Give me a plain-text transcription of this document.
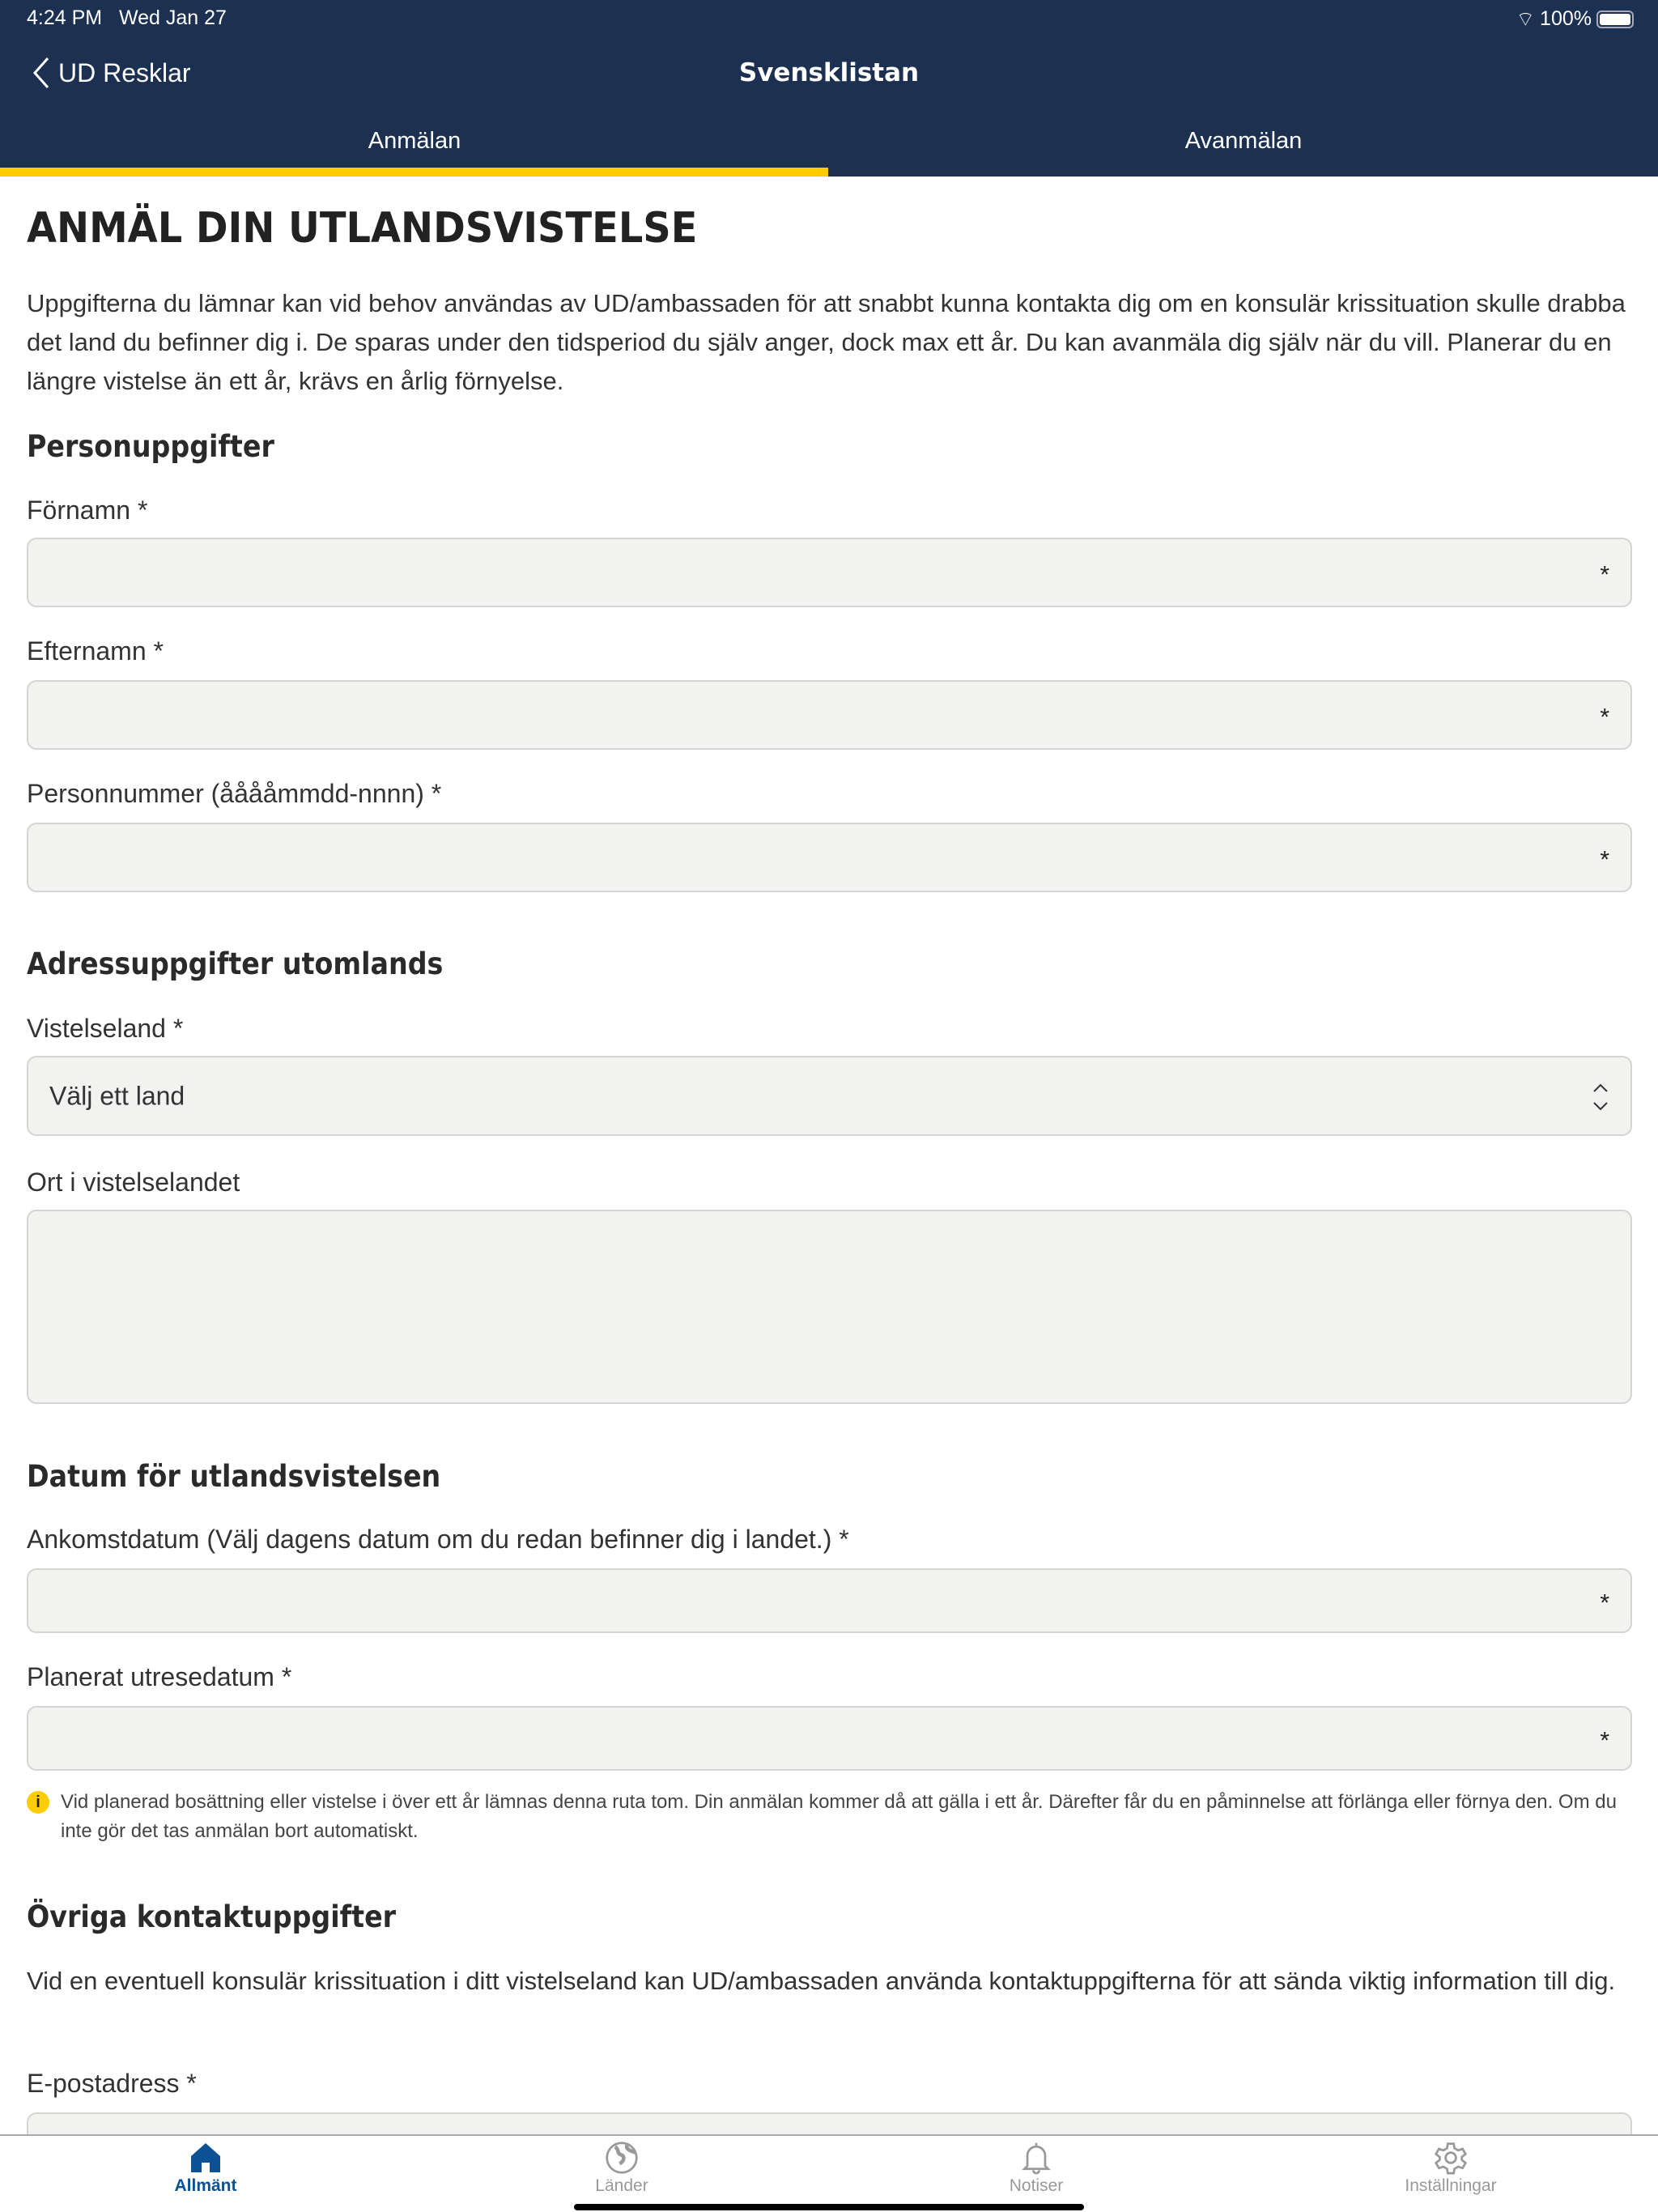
4:24 PM Wed Jan 27	⌔ 100%
UD Resklar	Svensklistan
Anmälan	Avanmälan
ANMÄL DIN UTLANDSVISTELSE
Uppgifterna du lämnar kan vid behov användas av UD/ambassaden för att snabbt kunna kontakta dig om en konsulär krissituation skulle drabba det land du befinner dig i. De sparas under den tidsperiod du själv anger, dock max ett år. Du kan avanmäla dig själv när du vill. Planerar du en längre vistelse än ett år, krävs en årlig förnyelse.
Personuppgifter
Förnamn *
*
Efternamn *
*
Personnummer (ååååmmdd-nnnn) *
*
Adressuppgifter utomlands
Vistelseland *
Välj ett land
Ort i vistelselandet
Datum för utlandsvistelsen
Ankomstdatum (Välj dagens datum om du redan befinner dig i landet.) *
*
Planerat utresedatum *
*
i	Vid planerad bosättning eller vistelse i över ett år lämnas denna ruta tom. Din anmälan kommer då att gälla i ett år. Därefter får du en påminnelse att förlänga eller förnya den. Om du inte gör det tas anmälan bort automatiskt.
Övriga kontaktuppgifter
Vid en eventuell konsulär krissituation i ditt vistelseland kan UD/ambassaden använda kontaktuppgifterna för att sända viktig information till dig.
E-postadress *
Allmänt	Länder	Notiser	Inställningar
